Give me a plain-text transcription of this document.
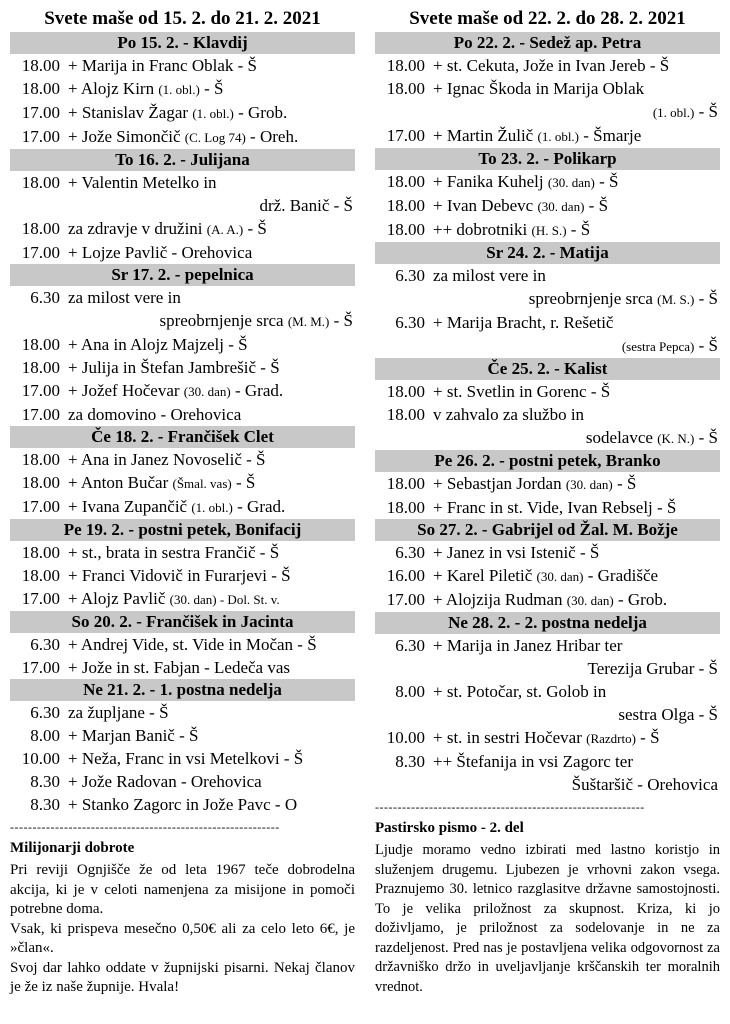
Svete maše od 15. 2. do 21. 2. 2021
Po 15. 2. - Klavdij
18.00 + Marija in Franc Oblak - Š
18.00 + Alojz Kirn (1. obl.) - Š
17.00 + Stanislav Žagar (1. obl.) - Grob.
17.00 + Jože Simončič (C. Log 74) - Oreh.
To 16. 2. - Julijana
18.00 + Valentin Metelko in
drž. Banič - Š
18.00 za zdravje v družini (A. A.) - Š
17.00 + Lojze Pavlič - Orehovica
Sr 17. 2. - pepelnica
6.30 za milost vere in
spreobrnjenje srca (M. M.) - Š
18.00 + Ana in Alojz Majzelj - Š
18.00 + Julija in Štefan Jambrešič - Š
17.00 + Jožef Hočevar (30. dan) - Grad.
17.00 za domovino - Orehovica
Če 18. 2. - Frančišek Clet
18.00 + Ana in Janez Novoselič - Š
18.00 + Anton Bučar (Šmal. vas) - Š
17.00 + Ivana Zupančič (1. obl.) - Grad.
Pe 19. 2. - postni petek, Bonifacij
18.00 + st., brata in sestra Frančič - Š
18.00 + Franci Vidovič in Furarjevi - Š
17.00 + Alojz Pavlič (30. dan) - Dol. St. v.
So 20. 2. - Frančišek in Jacinta
6.30 + Andrej Vide, st. Vide in Močan - Š
17.00 + Jože in st. Fabjan - Ledeča vas
Ne 21. 2. - 1. postna nedelja
6.30 za župljane - Š
8.00 + Marjan Banič - Š
10.00 + Neža, Franc in vsi Metelkovi - Š
8.30 + Jože Radovan - Orehovica
8.30 + Stanko Zagorc in Jože Pavc - O
------------------------------------------------------------
Milijonarji dobrote

Pri reviji Ognjišče že od leta 1967 teče dobrodelna akcija, ki je v celoti namenjena za misijone in pomoči potrebne doma.

Vsak, ki prispeva mesečno 0,50€ ali za celo leto 6€, je »član«.

Svoj dar lahko oddate v župnijski pisarni. Nekaj članov je že iz naše župnije. Hvala!

Svete maše od 22. 2. do 28. 2. 2021
Po 22. 2. - Sedež ap. Petra
18.00 + st. Cekuta, Jože in Ivan Jereb - Š
18.00 + Ignac Škoda in Marija Oblak
(1. obl.) - Š
17.00 + Martin Žulič (1. obl.) - Šmarje
To 23. 2. - Polikarp
18.00 + Fanika Kuhelj (30. dan) - Š
18.00 + Ivan Debevc (30. dan) - Š
18.00 ++ dobrotniki (H. S.) - Š
Sr 24. 2. - Matija
6.30 za milost vere in
spreobrnjenje srca (M. S.) - Š
6.30 + Marija Bracht, r. Rešetič
(sestra Pepca) - Š
Če 25. 2. - Kalist
18.00 + st. Svetlin in Gorenc - Š
18.00 v zahvalo za službo in
sodelavce (K. N.) - Š
Pe 26. 2. - postni petek, Branko
18.00 + Sebastjan Jordan (30. dan) - Š
18.00 + Franc in st. Vide, Ivan Rebselj - Š
So 27. 2. - Gabrijel od Žal. M. Božje
6.30 + Janez in vsi Istenič - Š
16.00 + Karel Piletič (30. dan) - Gradišče
17.00 + Alojzija Rudman (30. dan) - Grob.
Ne 28. 2. - 2. postna nedelja
6.30 + Marija in Janez Hribar ter
Terezija Grubar - Š
8.00 + st. Potočar, st. Golob in
sestra Olga - Š
10.00 + st. in sestri Hočevar (Razdrto) - Š
8.30 ++ Štefanija in vsi Zagorc ter
Šuštaršič - Orehovica
------------------------------------------------------------
Pastirsko pismo - 2. del

Ljudje moramo vedno izbirati med lastno koristjo in služenjem drugemu. Ljubezen je vrhovni zakon vsega. Praznujemo 30. letnico razglasitve državne samostojnosti. To je velika priložnost za skupnost. Kriza, ki jo doživljamo, je priložnost za sodelovanje in ne za razdeljenost. Pred nas je postavljena velika odgovornost za državniško držo in uveljavljanje krščanskih ter moralnih vrednot.
